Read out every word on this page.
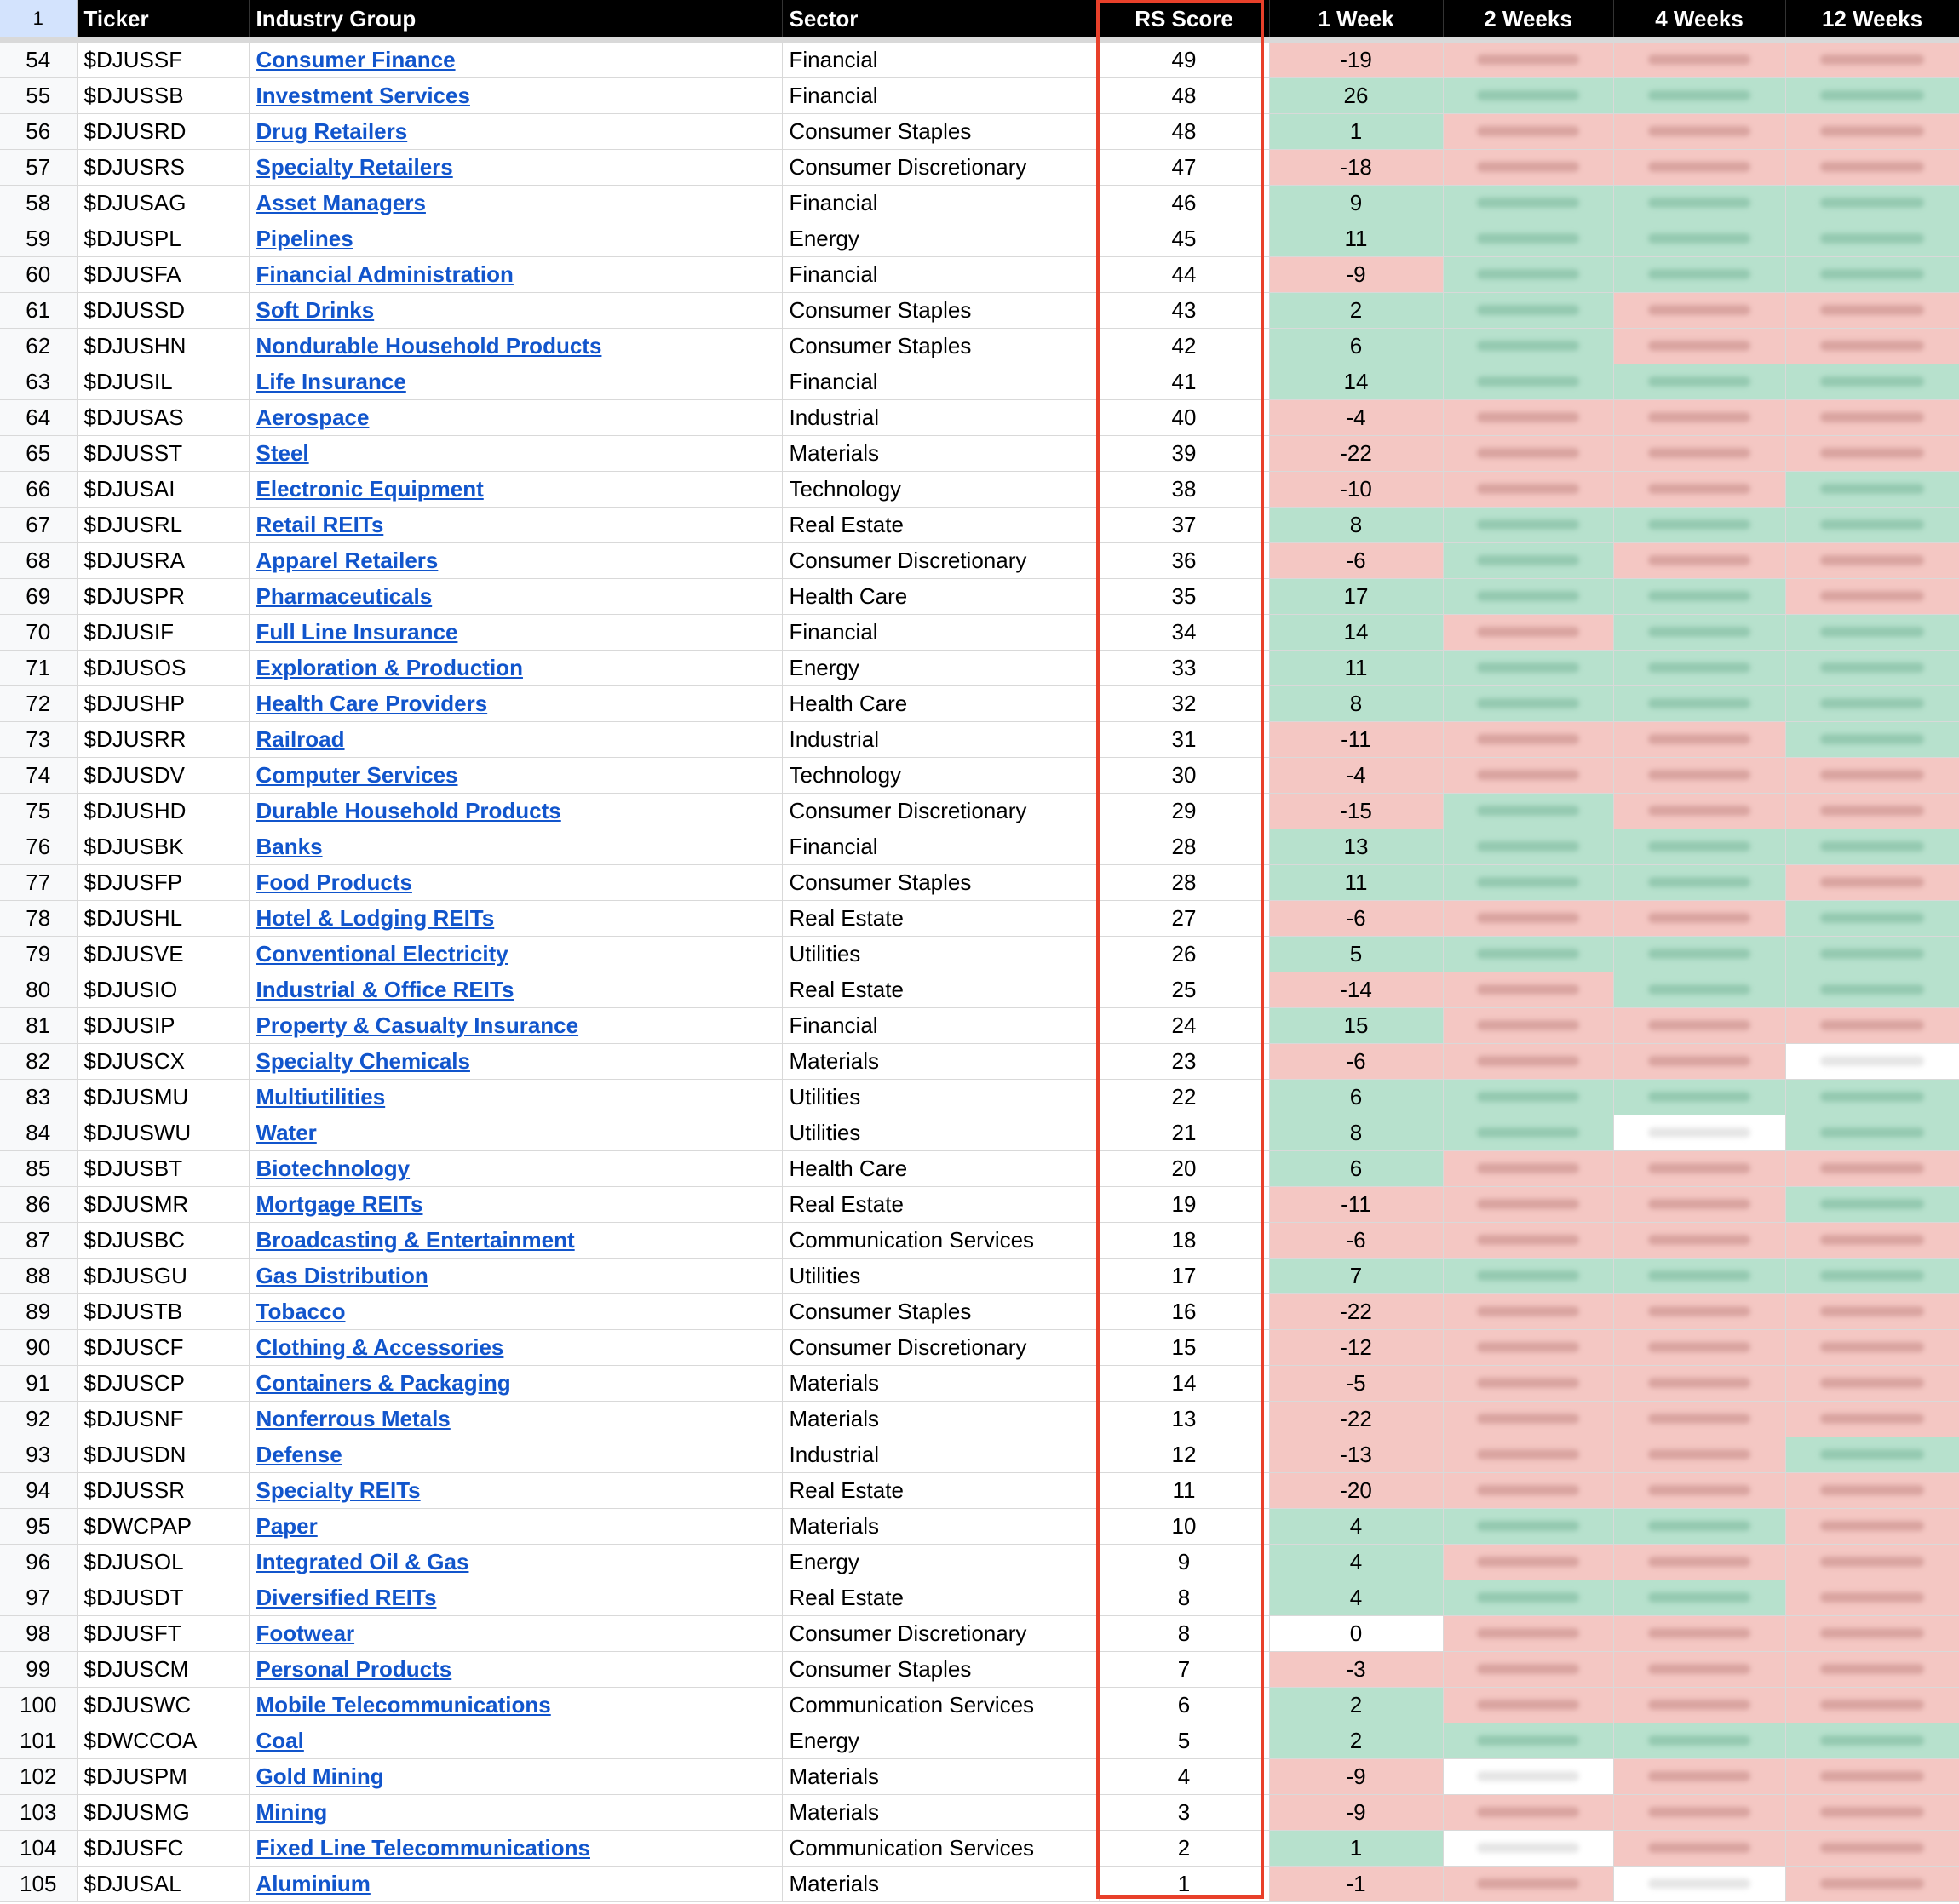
1	Ticker	Industry Group	Sector	RS Score	1 Week	2 Weeks	4 Weeks	12 Weeks

54	$DJUSSF	Consumer Finance	Financial	49	-19	

55	$DJUSSB	Investment Services	Financial	48	26	

56	$DJUSRD	Drug Retailers	Consumer Staples	48	1	

57	$DJUSRS	Specialty Retailers	Consumer Discretionary	47	-18	

58	$DJUSAG	Asset Managers	Financial	46	9	

59	$DJUSPL	Pipelines	Energy	45	11	

60	$DJUSFA	Financial Administration	Financial	44	-9	

61	$DJUSSD	Soft Drinks	Consumer Staples	43	2	

62	$DJUSHN	Nondurable Household Products	Consumer Staples	42	6	

63	$DJUSIL	Life Insurance	Financial	41	14	

64	$DJUSAS	Aerospace	Industrial	40	-4	

65	$DJUSST	Steel	Materials	39	-22	

66	$DJUSAI	Electronic Equipment	Technology	38	-10	

67	$DJUSRL	Retail REITs	Real Estate	37	8	

68	$DJUSRA	Apparel Retailers	Consumer Discretionary	36	-6	

69	$DJUSPR	Pharmaceuticals	Health Care	35	17	

70	$DJUSIF	Full Line Insurance	Financial	34	14	

71	$DJUSOS	Exploration & Production	Energy	33	11	

72	$DJUSHP	Health Care Providers	Health Care	32	8	

73	$DJUSRR	Railroad	Industrial	31	-11	

74	$DJUSDV	Computer Services	Technology	30	-4	

75	$DJUSHD	Durable Household Products	Consumer Discretionary	29	-15	

76	$DJUSBK	Banks	Financial	28	13	

77	$DJUSFP	Food Products	Consumer Staples	28	11	

78	$DJUSHL	Hotel & Lodging REITs	Real Estate	27	-6	

79	$DJUSVE	Conventional Electricity	Utilities	26	5	

80	$DJUSIO	Industrial & Office REITs	Real Estate	25	-14	

81	$DJUSIP	Property & Casualty Insurance	Financial	24	15	

82	$DJUSCX	Specialty Chemicals	Materials	23	-6	

83	$DJUSMU	Multiutilities	Utilities	22	6	

84	$DJUSWU	Water	Utilities	21	8	

85	$DJUSBT	Biotechnology	Health Care	20	6	

86	$DJUSMR	Mortgage REITs	Real Estate	19	-11	

87	$DJUSBC	Broadcasting & Entertainment	Communication Services	18	-6	

88	$DJUSGU	Gas Distribution	Utilities	17	7	

89	$DJUSTB	Tobacco	Consumer Staples	16	-22	

90	$DJUSCF	Clothing & Accessories	Consumer Discretionary	15	-12	

91	$DJUSCP	Containers & Packaging	Materials	14	-5	

92	$DJUSNF	Nonferrous Metals	Materials	13	-22	

93	$DJUSDN	Defense	Industrial	12	-13	

94	$DJUSSR	Specialty REITs	Real Estate	11	-20	

95	$DWCPAP	Paper	Materials	10	4	

96	$DJUSOL	Integrated Oil & Gas	Energy	9	4	

97	$DJUSDT	Diversified REITs	Real Estate	8	4	

98	$DJUSFT	Footwear	Consumer Discretionary	8	0	

99	$DJUSCM	Personal Products	Consumer Staples	7	-3	

100	$DJUSWC	Mobile Telecommunications	Communication Services	6	2	

101	$DWCCOA	Coal	Energy	5	2	

102	$DJUSPM	Gold Mining	Materials	4	-9	

103	$DJUSMG	Mining	Materials	3	-9	

104	$DJUSFC	Fixed Line Telecommunications	Communication Services	2	1	

105	$DJUSAL	Aluminium	Materials	1	-1	
